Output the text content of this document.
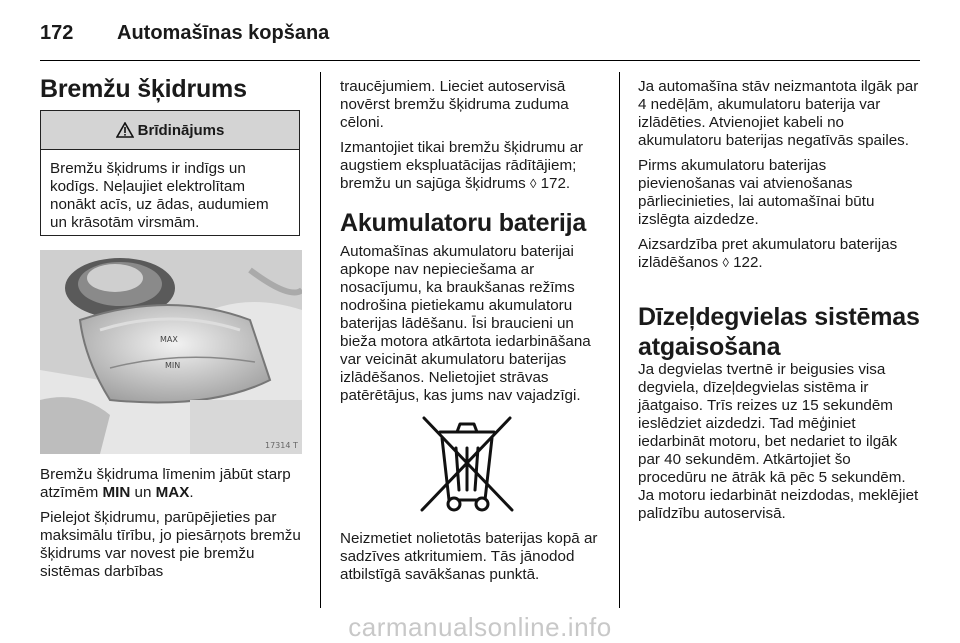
172 Automašīnas kopšana
Bremžu šķidrums
Brīdinājums
Bremžu šķidrums ir indīgs un kodīgs. Neļaujiet elektrolītam nonākt acīs, uz ādas, audumiem un krāsotām virsmām.
MAX
MIN
17314 T

Bremžu šķidruma līmenim jābūt starp atzīmēm MIN un MAX.

Pielejot šķidrumu, parūpējieties par maksimālu tīrību, jo piesārņots bremžu šķidrums var novest pie bremžu sistēmas darbības

traucējumiem. Lieciet autoservisā novērst bremžu šķidruma zuduma cēloni.

Izmantojiet tikai bremžu šķidrumu ar augstiem ekspluatācijas rādītājiem; bremžu un sajūga šķidrums ◊ 172.

Akumulatoru baterija

Automašīnas akumulatoru baterijai apkope nav nepieciešama ar nosacījumu, ka braukšanas režīms nodrošina pietiekamu akumulatoru baterijas lādēšanu. Īsi braucieni un bieža motora atkārtota iedarbināšana var veicināt akumulatoru baterijas izlādēšanos. Nelietojiet strāvas patērētājus, kas jums nav vajadzīgi.

Neizmetiet nolietotās baterijas kopā ar sadzīves atkritumiem. Tās jānodod atbilstīgā savākšanas punktā.

Ja automašīna stāv neizmantota ilgāk par 4 nedēļām, akumulatoru baterija var izlādēties. Atvienojiet kabeli no akumulatoru baterijas negatīvās spailes.

Pirms akumulatoru baterijas pievienošanas vai atvienošanas pārliecinieties, lai automašīnai būtu izslēgta aizdedze.

Aizsardzība pret akumulatoru baterijas izlādēšanos ◊ 122.

Dīzeļdegvielas sistēmas atgaisošana

Ja degvielas tvertnē ir beigusies visa degviela, dīzeļdegvielas sistēma ir jāatgaiso. Trīs reizes uz 15 sekundēm ieslēdziet aizdedzi. Tad mēģiniet iedarbināt motoru, bet nedariet to ilgāk par 40 sekundēm. Atkārtojiet šo procedūru ne ātrāk kā pēc 5 sekundēm. Ja motoru iedarbināt neizdodas, meklējiet palīdzību autoservisā.

carmanualsonline.info
